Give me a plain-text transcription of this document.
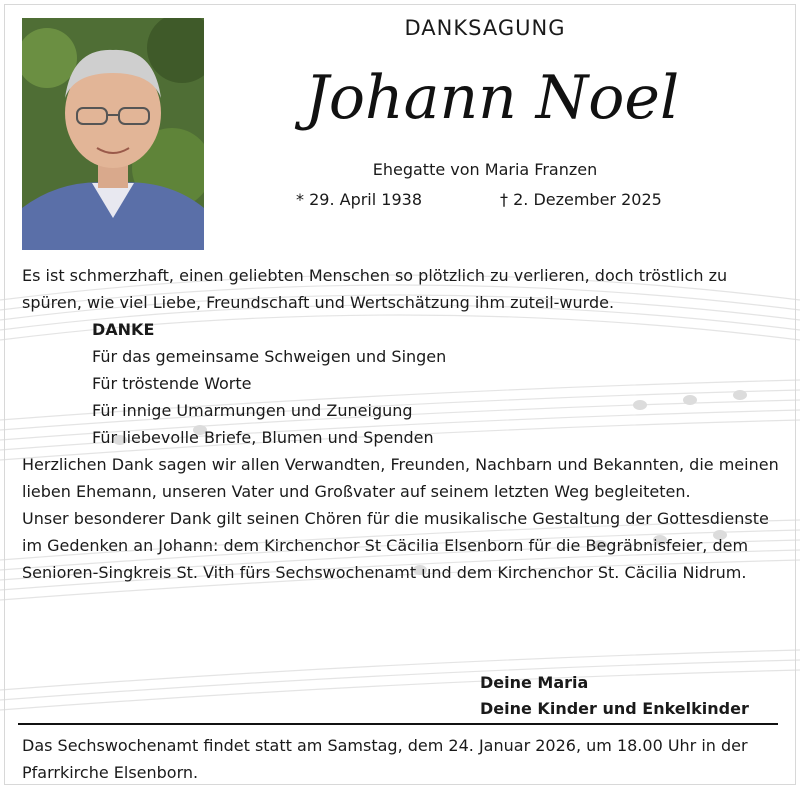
DANKSAGUNG
Johann Noel
Ehegatte von Maria Franzen
* 29. April 1938	† 2. Dezember 2025

Es ist schmerzhaft, einen geliebten Menschen so plötzlich zu verlieren, doch tröstlich zu spüren, wie viel Liebe, Freundschaft und Wertschätzung ihm zuteil-wurde.

DANKE
Für das gemeinsame Schweigen und Singen
Für tröstende Worte
Für innige Umarmungen und Zuneigung
Für liebevolle Briefe, Blumen und Spenden

Herzlichen Dank sagen wir allen Verwandten, Freunden, Nachbarn und Bekannten, die meinen lieben Ehemann, unseren Vater und Großvater auf seinem letzten Weg begleiteten.

Unser besonderer Dank gilt seinen Chören für die musikalische Gestaltung der Gottesdienste im Gedenken an Johann: dem Kirchenchor St Cäcilia Elsenborn für die Begräbnisfeier, dem Senioren-Singkreis St. Vith fürs Sechswochenamt und dem Kirchenchor St. Cäcilia Nidrum.

Deine Maria
Deine Kinder und Enkelkinder
Das Sechswochenamt findet statt am Samstag, dem 24. Januar 2026, um 18.00 Uhr in der Pfarrkirche Elsenborn.
